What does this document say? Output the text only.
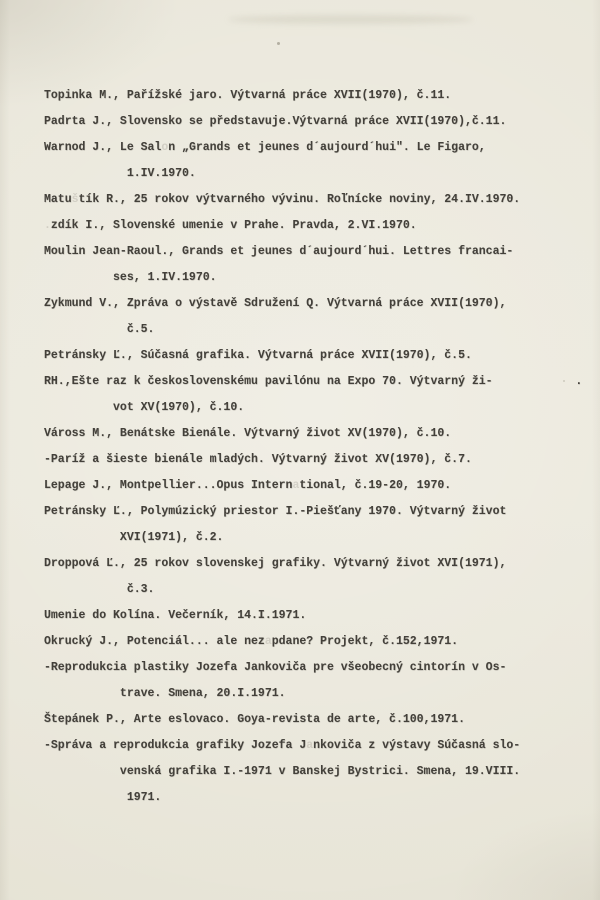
Topinka M., Pařížské jaro. Výtvarná práce XVII(1970), č.11.
Padrta J., Slovensko se představuje.Výtvarná práce XVII(1970),č.11.
Warnod J., Le Salon „Grands et jeunes d´aujourd´hui". Le Figaro,
1.IV.1970.
Matuštík R., 25 rokov výtvarného vývinu. Roľnícke noviny, 24.IV.1970.
.zdík I., Slovenské umenie v Prahe. Pravda, 2.VI.1970.
Moulin Jean-Raoul., Grands et jeunes d´aujourd´hui. Lettres francai-
ses, 1.IV.1970.
Zykmund V., Zpráva o výstavě Sdružení Q. Výtvarná práce XVII(1970),
č.5.
Petránsky Ľ., Súčasná grafika. Výtvarná práce XVII(1970), č.5.
RH.,Ešte raz k československému pavilónu na Expo 70. Výtvarný ži-            .
vot XV(1970), č.10.
Váross M., Benátske Bienále. Výtvarný život XV(1970), č.10.
-Paríž a šieste bienále mladých. Výtvarný život XV(1970), č.7.
Lepage J., Montpellier...Opus International, č.19-20, 1970.
Petránsky Ľ., Polymúzický priestor I.-Piešťany 1970. Výtvarný život
XVI(1971), č.2.
Droppová Ľ., 25 rokov slovenskej grafiky. Výtvarný život XVI(1971),
č.3.
Umenie do Kolína. Večerník, 14.I.1971.
Okrucký J., Potenciál... ale nezapdane? Projekt, č.152,1971.
-Reprodukcia plastiky Jozefa Jankoviča pre všeobecný cintorín v Os-
trave. Smena, 20.I.1971.
Štepánek P., Arte eslovaco. Goya-revista de arte, č.100,1971.
-Správa a reprodukcia grafiky Jozefa Jankoviča z výstavy Súčasná slo-
venská grafika I.-1971 v Banskej Bystrici. Smena, 19.VIII.
1971.
